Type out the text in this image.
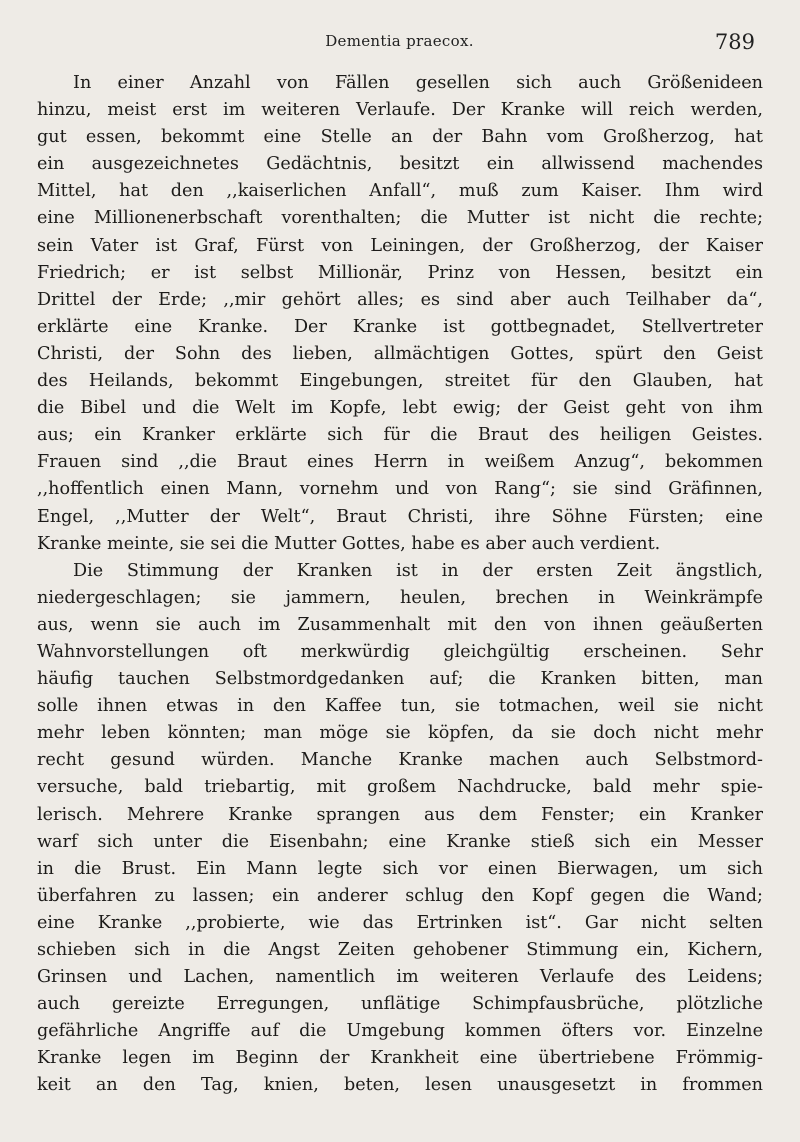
Dementia praecox.	789
In einer Anzahl von Fällen gesellen sich auch Größenideen
hinzu, meist erst im weiteren Verlaufe. Der Kranke will reich werden,
gut essen, bekommt eine Stelle an der Bahn vom Großherzog, hat
ein ausgezeichnetes Gedächtnis, besitzt ein allwissend machendes
Mittel, hat den ,,kaiserlichen Anfall“, muß zum Kaiser. Ihm wird
eine Millionenerbschaft vorenthalten; die Mutter ist nicht die rechte;
sein Vater ist Graf, Fürst von Leiningen, der Großherzog, der Kaiser
Friedrich; er ist selbst Millionär, Prinz von Hessen, besitzt ein
Drittel der Erde; ,,mir gehört alles; es sind aber auch Teilhaber da“,
erklärte eine Kranke. Der Kranke ist gottbegnadet, Stellvertreter
Christi, der Sohn des lieben, allmächtigen Gottes, spürt den Geist
des Heilands, bekommt Eingebungen, streitet für den Glauben, hat
die Bibel und die Welt im Kopfe, lebt ewig; der Geist geht von ihm
aus; ein Kranker erklärte sich für die Braut des heiligen Geistes.
Frauen sind ,,die Braut eines Herrn in weißem Anzug“, bekommen
,,hoffentlich einen Mann, vornehm und von Rang“; sie sind Gräfinnen,
Engel, ,,Mutter der Welt“, Braut Christi, ihre Söhne Fürsten; eine
Kranke meinte, sie sei die Mutter Gottes, habe es aber auch verdient.
Die Stimmung der Kranken ist in der ersten Zeit ängstlich,
niedergeschlagen; sie jammern, heulen, brechen in Weinkrämpfe
aus, wenn sie auch im Zusammenhalt mit den von ihnen geäußerten
Wahnvorstellungen oft merkwürdig gleichgültig erscheinen. Sehr
häufig tauchen Selbstmordgedanken auf; die Kranken bitten, man
solle ihnen etwas in den Kaffee tun, sie totmachen, weil sie nicht
mehr leben könnten; man möge sie köpfen, da sie doch nicht mehr
recht gesund würden. Manche Kranke machen auch Selbstmord-
versuche, bald triebartig, mit großem Nachdrucke, bald mehr spie-
lerisch. Mehrere Kranke sprangen aus dem Fenster; ein Kranker
warf sich unter die Eisenbahn; eine Kranke stieß sich ein Messer
in die Brust. Ein Mann legte sich vor einen Bierwagen, um sich
überfahren zu lassen; ein anderer schlug den Kopf gegen die Wand;
eine Kranke ,,probierte, wie das Ertrinken ist“. Gar nicht selten
schieben sich in die Angst Zeiten gehobener Stimmung ein, Kichern,
Grinsen und Lachen, namentlich im weiteren Verlaufe des Leidens;
auch gereizte Erregungen, unflätige Schimpfausbrüche, plötzliche
gefährliche Angriffe auf die Umgebung kommen öfters vor. Einzelne
Kranke legen im Beginn der Krankheit eine übertriebene Frömmig-
keit an den Tag, knien, beten, lesen unausgesetzt in frommen
